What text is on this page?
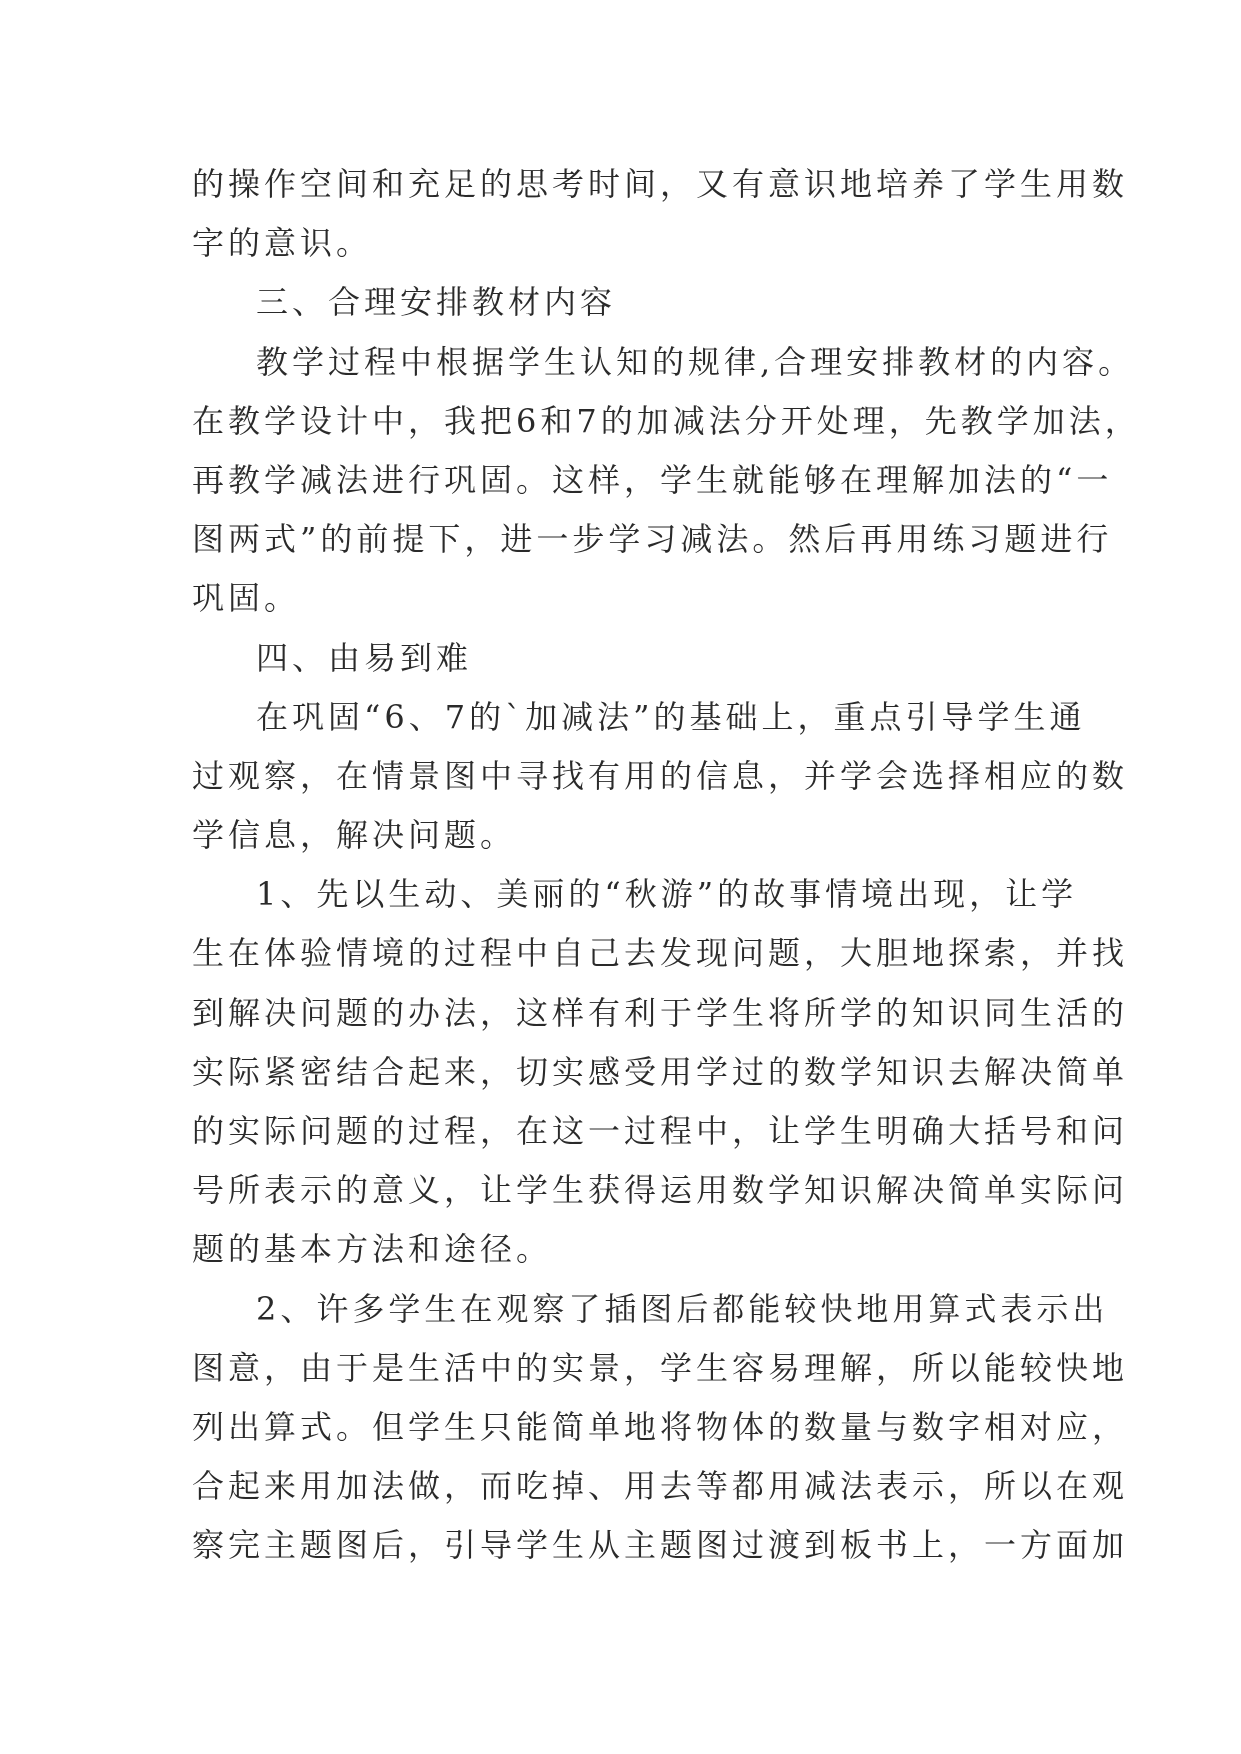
的操作空间和充足的思考时间，又有意识地培养了学生用数
字的意识。
三、合理安排教材内容
教学过程中根据学生认知的规律,合理安排教材的内容。
在教学设计中，我把6和7的加减法分开处理，先教学加法，
再教学减法进行巩固。这样，学生就能够在理解加法的“一
图两式”的前提下，进一步学习减法。然后再用练习题进行
巩固。
四、由易到难
在巩固“6、7的`加减法”的基础上，重点引导学生通
过观察，在情景图中寻找有用的信息，并学会选择相应的数
学信息，解决问题。
1、先以生动、美丽的“秋游”的故事情境出现，让学
生在体验情境的过程中自己去发现问题，大胆地探索，并找
到解决问题的办法，这样有利于学生将所学的知识同生活的
实际紧密结合起来，切实感受用学过的数学知识去解决简单
的实际问题的过程，在这一过程中，让学生明确大括号和问
号所表示的意义，让学生获得运用数学知识解决简单实际问
题的基本方法和途径。
2、许多学生在观察了插图后都能较快地用算式表示出
图意，由于是生活中的实景，学生容易理解，所以能较快地
列出算式。但学生只能简单地将物体的数量与数字相对应，
合起来用加法做，而吃掉、用去等都用减法表示，所以在观
察完主题图后，引导学生从主题图过渡到板书上，一方面加
